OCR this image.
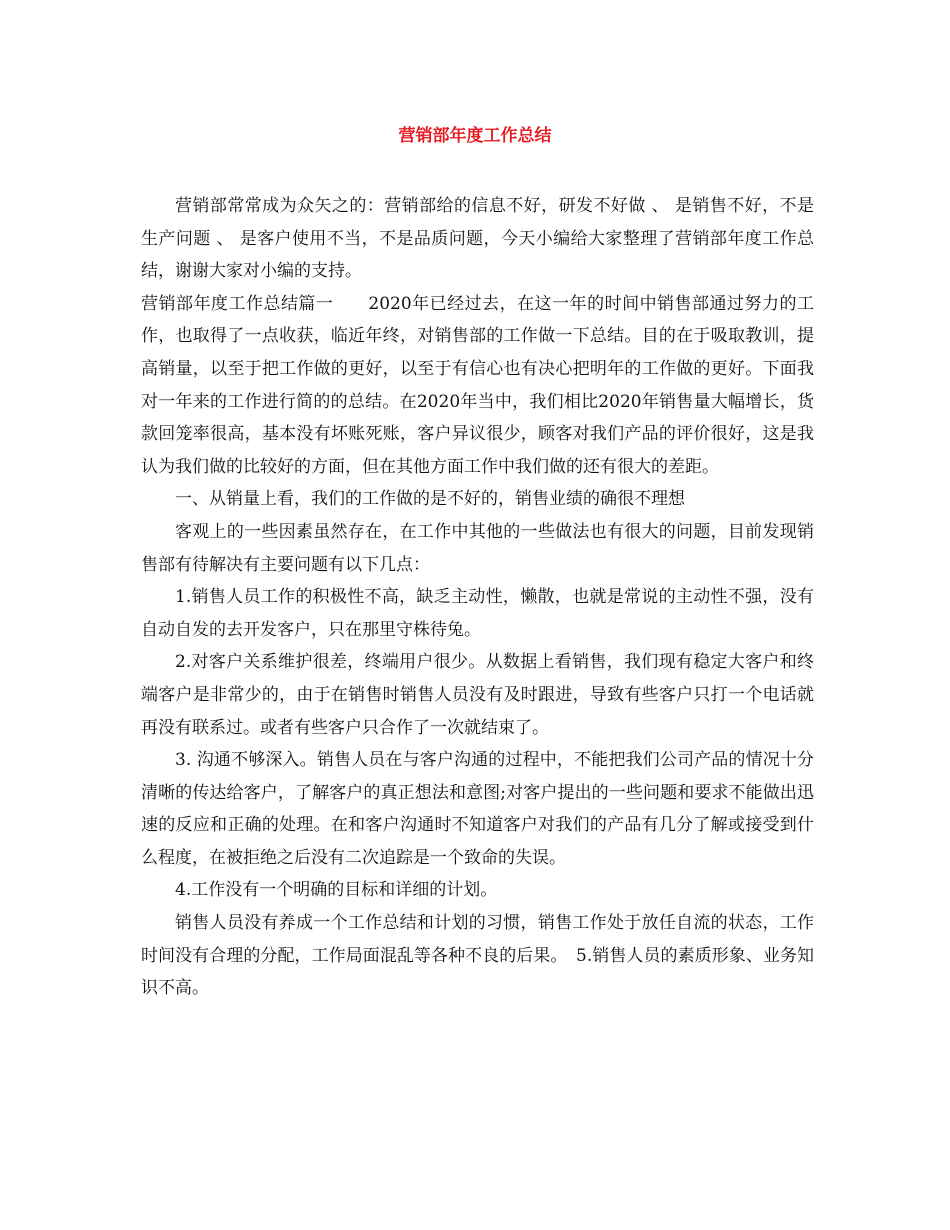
营销部年度工作总结

营销部常常成为众矢之的：营销部给的信息不好，研发不好做 、 是销售不好，不是生产问题 、 是客户使用不当，不是品质问题，今天小编给大家整理了营销部年度工作总结，谢谢大家对小编的支持。

营销部年度工作总结篇一　　2020年已经过去，在这一年的时间中销售部通过努力的工作，也取得了一点收获，临近年终，对销售部的工作做一下总结。目的在于吸取教训，提高销量，以至于把工作做的更好，以至于有信心也有决心把明年的工作做的更好。下面我对一年来的工作进行简的的总结。在2020年当中，我们相比2020年销售量大幅增长，货款回笼率很高，基本没有坏账死账，客户异议很少，顾客对我们产品的评价很好，这是我认为我们做的比较好的方面，但在其他方面工作中我们做的还有很大的差距。

一、从销量上看，我们的工作做的是不好的，销售业绩的确很不理想

客观上的一些因素虽然存在，在工作中其他的一些做法也有很大的问题，目前发现销售部有待解决有主要问题有以下几点：

1.销售人员工作的积极性不高，缺乏主动性，懒散，也就是常说的主动性不强，没有自动自发的去开发客户，只在那里守株待兔。

2.对客户关系维护很差，终端用户很少。从数据上看销售，我们现有稳定大客户和终端客户是非常少的，由于在销售时销售人员没有及时跟进，导致有些客户只打一个电话就再没有联系过。或者有些客户只合作了一次就结束了。

3. 沟通不够深入。销售人员在与客户沟通的过程中，不能把我们公司产品的情况十分清晰的传达给客户，了解客户的真正想法和意图;对客户提出的一些问题和要求不能做出迅速的反应和正确的处理。在和客户沟通时不知道客户对我们的产品有几分了解或接受到什么程度，在被拒绝之后没有二次追踪是一个致命的失误。

4.工作没有一个明确的目标和详细的计划。

销售人员没有养成一个工作总结和计划的习惯，销售工作处于放任自流的状态，工作时间没有合理的分配，工作局面混乱等各种不良的后果。　5.销售人员的素质形象、业务知识不高。
